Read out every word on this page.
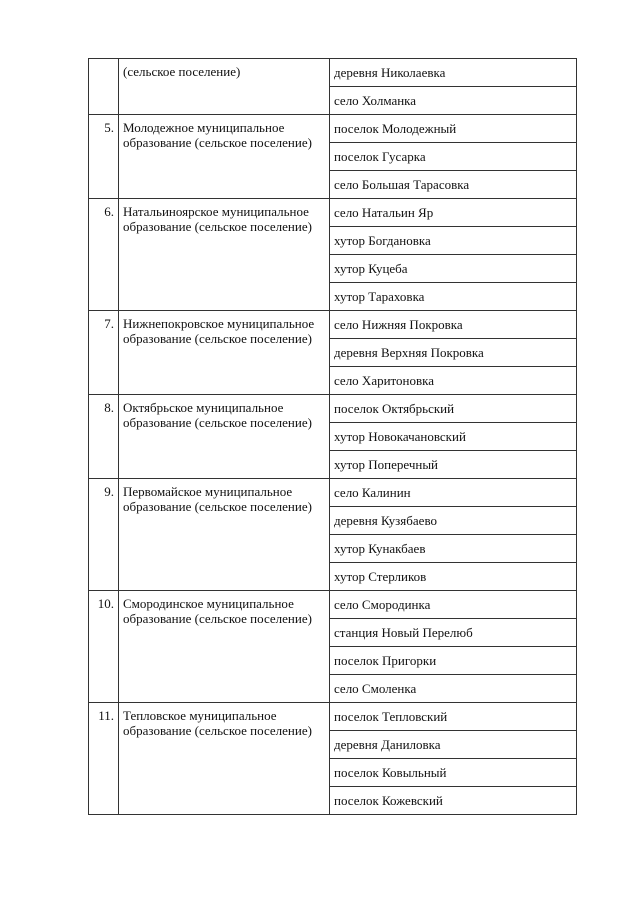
	(сельское поселение)	деревня Николаевка
		село Холманка
5.	Молодежное муниципальное образование (сельское поселение)	поселок Молодежный
		поселок Гусарка
		село Большая Тарасовка
6.	Натальиноярское муниципальное образование (сельское поселение)	село Натальин Яр
		хутор Богдановка
		хутор Куцеба
		хутор Тараховка
7.	Нижнепокровское муниципальное образование (сельское поселение)	село Нижняя Покровка
		деревня Верхняя Покровка
		село Харитоновка
8.	Октябрьское муниципальное образование (сельское поселение)	поселок Октябрьский
		хутор Новокачановский
		хутор Поперечный
9.	Первомайское муниципальное образование (сельское поселение)	село Калинин
		деревня Кузябаево
		хутор Кунакбаев
		хутор Стерликов
10.	Смородинское муниципальное образование (сельское поселение)	село Смородинка
		станция Новый Перелюб
		поселок Пригорки
		село Смоленка
11.	Тепловское муниципальное образование (сельское поселение)	поселок Тепловский
		деревня Даниловка
		поселок Ковыльный
		поселок Кожевский
